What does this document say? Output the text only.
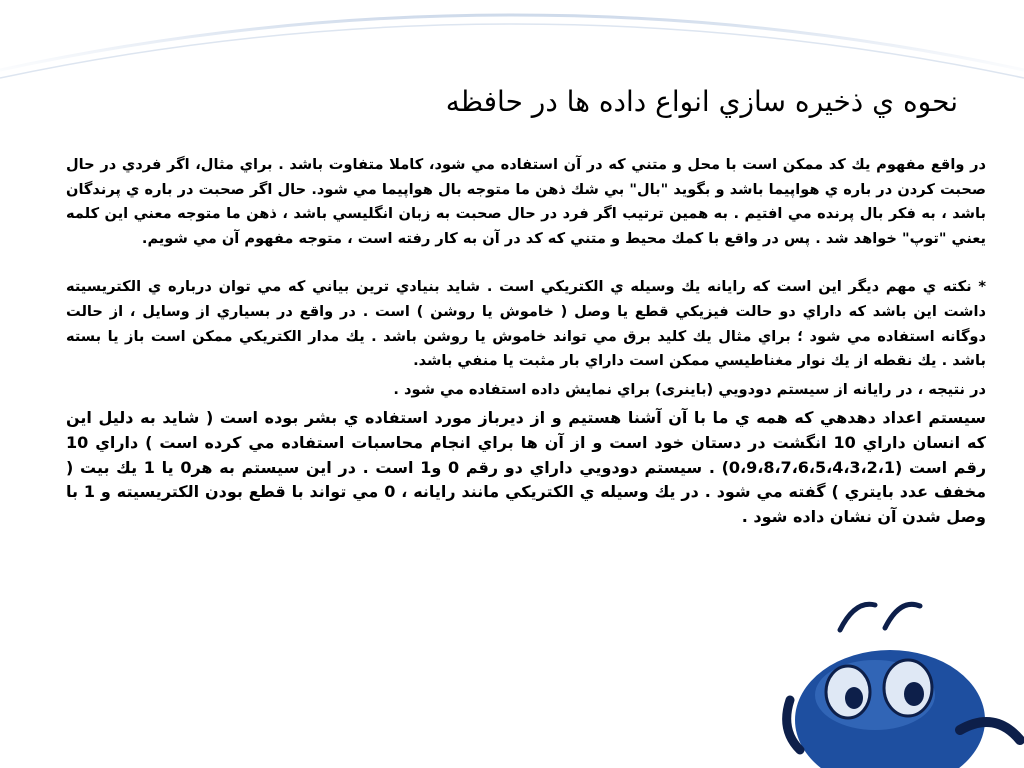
نحوه ي ذخيره سازي انواع داده ها در حافظه

در واقع مفهوم يك كد ممكن است با محل و متني كه در آن استفاده مي شود، كاملا متفاوت باشد . براي مثال، اگر فردي در حال صحبت كردن در باره ي هواپيما باشد و بگويد "بال" بي شك ذهن ما متوجه بال هواپيما مي شود. حال اگر صحبت در باره ي پرندگان باشد ، به فكر بال پرنده مي افتيم . به همين ترتيب اگر فرد در حال صحبت به زبان انگليسي باشد ، ذهن ما متوجه معني اين كلمه يعني "توپ" خواهد شد . پس در واقع با كمك محيط و متني كه كد در آن به كار رفته است ، متوجه مفهوم آن مي شويم.

* نكته ي مهم ديگر اين است كه رايانه يك وسيله ي الكتريكي است . شايد بنيادي ترين بياني كه مي توان درباره ي الكتريسيته داشت اين باشد كه داراي دو حالت فيزيكي قطع يا وصل ( خاموش يا روشن ) است . در واقع در بسياري از وسايل ، از حالت دوگانه استفاده مي شود ؛ براي مثال يك كليد برق مي تواند خاموش يا روشن باشد . يك مدار الكتريكي ممكن است باز يا بسته باشد . يك نقطه از يك نوار مغناطيسي ممكن است داراي بار مثبت يا منفي باشد.

در نتيجه ، در رايانه از سيستم دودويي (باينرى) براي نمايش داده استفاده مي شود .

سيستم اعداد دهدهي كه همه ي ما با آن آشنا هستيم و از ديرباز مورد استفاده ي بشر بوده است ( شايد به دليل اين كه انسان داراي 10 انگشت در دستان خود است و از آن ها براي انجام محاسبات استفاده مي كرده است ) داراي 10 رقم است (0،9،8،7،6،5،4،3،2،1) . سيستم دودويي داراي دو رقم 0 و1 است . در اين سيستم به هر0 يا 1 يك بيت ( مخفف عدد بايتري ) گفته مي شود . در يك وسيله ي الكتريكي مانند رايانه ، 0 مي تواند با قطع بودن الكتريسيته و 1 با وصل شدن آن نشان داده شود .
